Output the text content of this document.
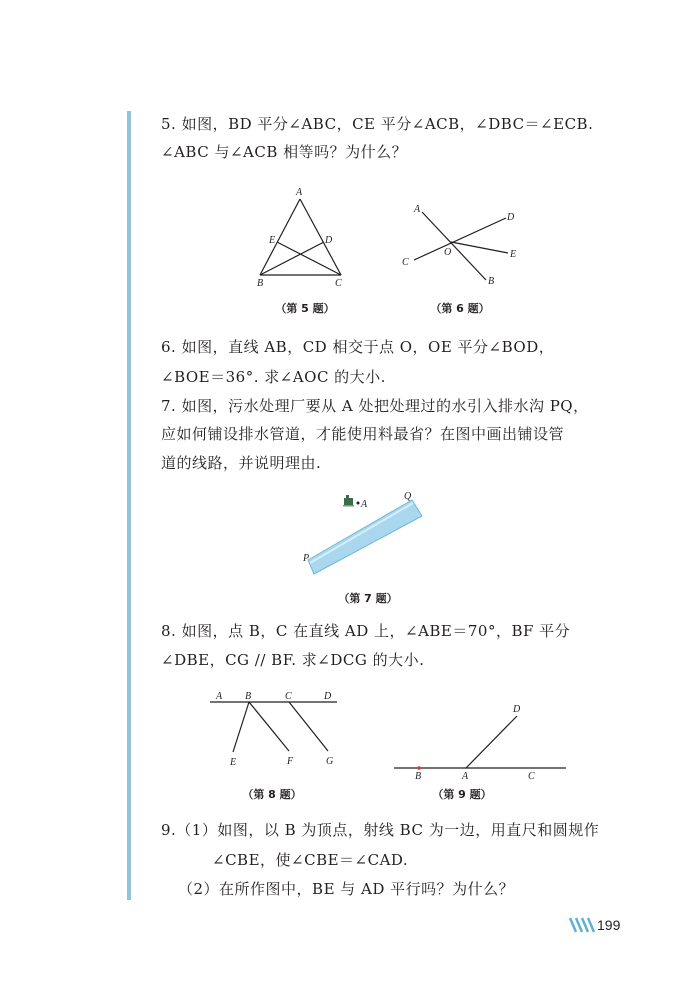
5. 如图，BD 平分∠ABC，CE 平分∠ACB，∠DBC＝∠ECB.
∠ABC 与∠ACB 相等吗？为什么？
A
E	D
B	C
（第 5 题）
A
D
O	E
C
B
（第 6 题）
6. 如图，直线 AB，CD 相交于点 O，OE 平分∠BOD，
∠BOE＝36°. 求∠AOC 的大小.
7. 如图，污水处理厂要从 A 处把处理过的水引入排水沟 PQ，
应如何铺设排水管道，才能使用料最省？在图中画出铺设管
道的线路，并说明理由.
A
Q
P
（第 7 题）
8. 如图，点 B，C 在直线 AD 上，∠ABE＝70°，BF 平分
∠DBE，CG // BF. 求∠DCG 的大小.
A B	C	D
E	F	G
（第 8 题）
D
B	A	C
（第 9 题）
9.（1）如图，以 B 为顶点，射线 BC 为一边，用直尺和圆规作
∠CBE，使∠CBE＝∠CAD.
（2）在所作图中，BE 与 AD 平行吗？为什么？
199
